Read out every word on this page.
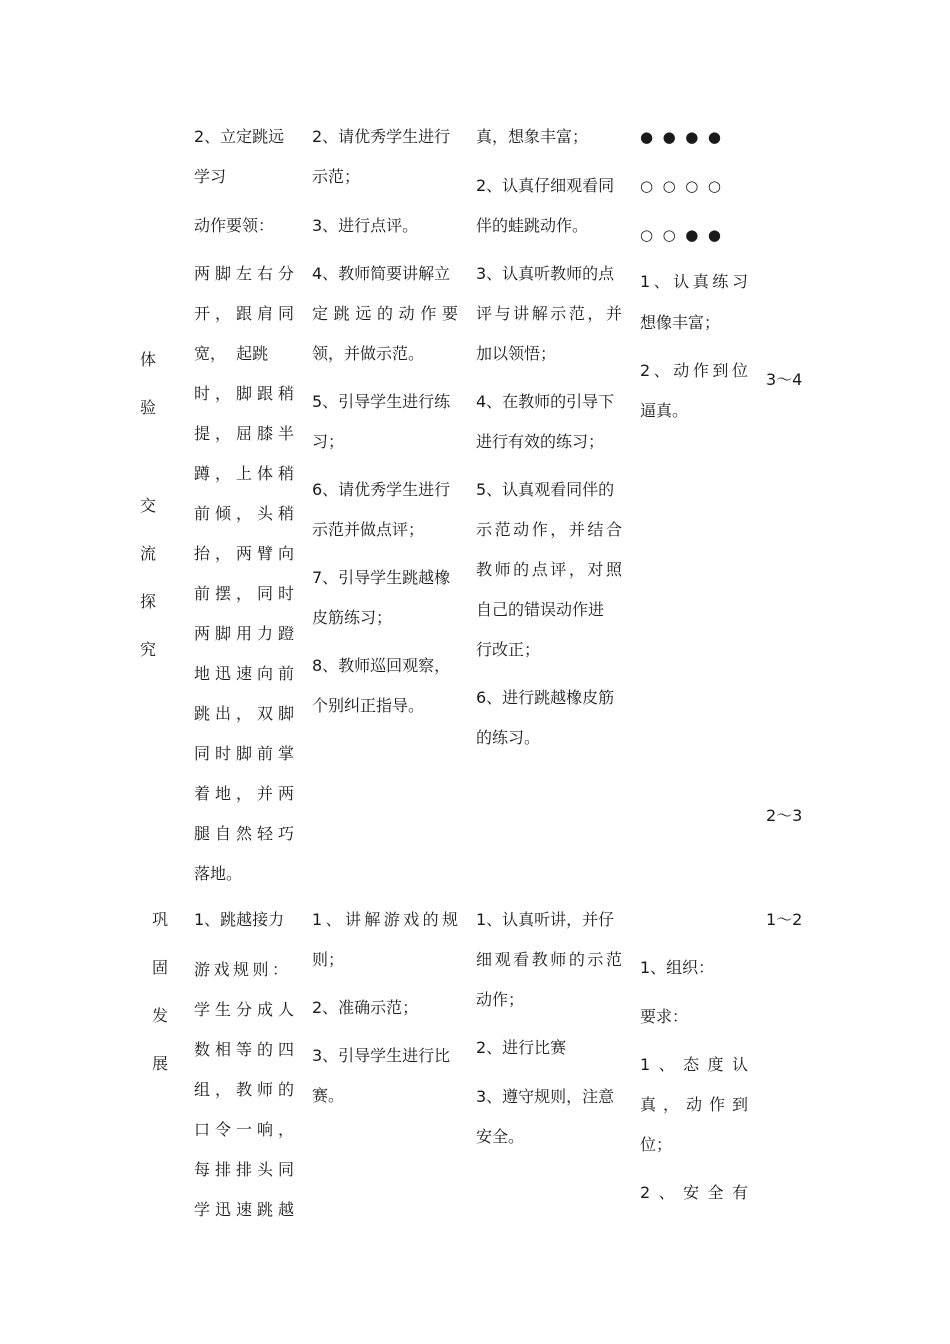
体
验
交
流
探
究
巩
固
发
展
2、立定跳远
学习
动作要领：
两脚左右分
开，跟肩同
宽，  起跳
时，脚跟稍
提，屈膝半
蹲，上体稍
前倾，头稍
抬，两臂向
前摆，同时
两脚用力蹬
地迅速向前
跳出，双脚
同时脚前掌
着地，并两
腿自然轻巧
落地。
1、跳越接力
游戏规则：
学生分成人
数相等的四
组，教师的
口令一响，
每排排头同
学迅速跳越
2、请优秀学生进行
示范；
3、进行点评。
4、教师简要讲解立
定跳远的动作要
领，并做示范。
5、引导学生进行练
习；
6、请优秀学生进行
示范并做点评；
7、引导学生跳越橡
皮筋练习；
8、教师巡回观察，
个别纠正指导。
1、讲解游戏的规
则；
2、准确示范；
3、引导学生进行比
赛。
真，想象丰富；
2、认真仔细观看同
伴的蛙跳动作。
3、认真听教师的点
评与讲解示范，并
加以领悟；
4、在教师的引导下
进行有效的练习；
5、认真观看同伴的
示范动作，并结合
教师的点评，对照
自己的错误动作进
行改正；
6、进行跳越橡皮筋
的练习。
1、认真听讲，并仔
细观看教师的示范
动作；
2、进行比赛
3、遵守规则，注意
安全。
●  ●  ●  ●
○  ○  ○  ○
○  ○  ●  ●
1、认真练习
想像丰富；
2、动作到位
逼真。
1、组织：
要求：
1、态度认
真，动作到
位；
2、安全有
3～4
2～3
1～2
